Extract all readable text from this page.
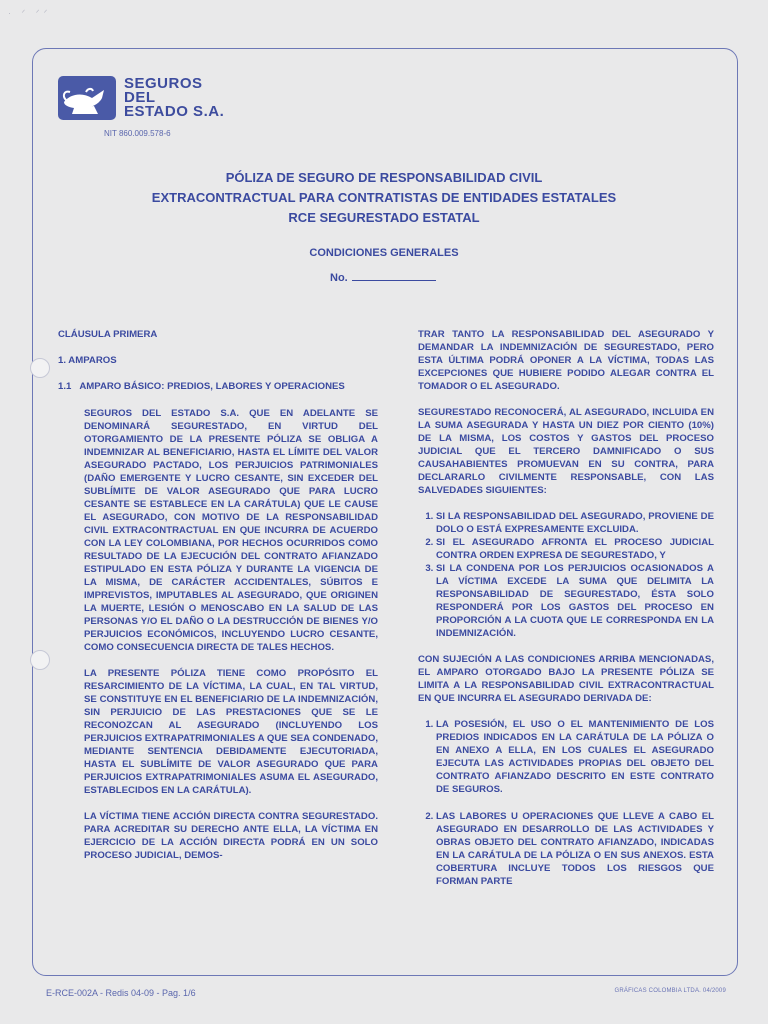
· ᐟ ᐟᐟ
SEGUROS
DEL
ESTADO S.A.
NIT 860.009.578-6
PÓLIZA DE SEGURO DE RESPONSABILIDAD CIVIL
EXTRACONTRACTUAL PARA CONTRATISTAS DE ENTIDADES ESTATALES
RCE SEGURESTADO ESTATAL
CONDICIONES GENERALES
No.
CLÁUSULA PRIMERA
1. AMPAROS
1.1 AMPARO BÁSICO: PREDIOS, LABORES Y OPERACIONES

SEGUROS DEL ESTADO S.A. QUE EN ADELANTE SE DENOMINARÁ SEGURESTADO, EN VIRTUD DEL OTORGAMIENTO DE LA PRESENTE PÓLIZA SE OBLIGA A INDEMNIZAR AL BENEFICIARIO, HASTA EL LÍMITE DEL VALOR ASEGURADO PACTADO, LOS PERJUICIOS PATRIMONIALES (DAÑO EMERGENTE Y LUCRO CESANTE, SIN EXCEDER DEL SUBLÍMITE DE VALOR ASEGURADO QUE PARA LUCRO CESANTE SE ESTABLECE EN LA CARÁTULA) QUE LE CAUSE EL ASEGURADO, CON MOTIVO DE LA RESPONSABILIDAD CIVIL EXTRACONTRACTUAL EN QUE INCURRA DE ACUERDO CON LA LEY COLOMBIANA, POR HECHOS OCURRIDOS COMO RESULTADO DE LA EJECUCIÓN DEL CONTRATO AFIANZADO ESTIPULADO EN ESTA PÓLIZA Y DURANTE LA VIGENCIA DE LA MISMA, DE CARÁCTER ACCIDENTALES, SÚBITOS E IMPREVISTOS, IMPUTABLES AL ASEGURADO, QUE ORIGINEN LA MUERTE, LESIÓN O MENOSCABO EN LA SALUD DE LAS PERSONAS Y/O EL DAÑO O LA DESTRUCCIÓN DE BIENES Y/O PERJUICIOS ECONÓMICOS, INCLUYENDO LUCRO CESANTE, COMO CONSECUENCIA DIRECTA DE TALES HECHOS.

LA PRESENTE PÓLIZA TIENE COMO PROPÓSITO EL RESARCIMIENTO DE LA VÍCTIMA, LA CUAL, EN TAL VIRTUD, SE CONSTITUYE EN EL BENEFICIARIO DE LA INDEMNIZACIÓN, SIN PERJUICIO DE LAS PRESTACIONES QUE SE LE RECONOZCAN AL ASEGURADO (INCLUYENDO LOS PERJUICIOS EXTRAPATRIMONIALES A QUE SEA CONDENADO, MEDIANTE SENTENCIA DEBIDAMENTE EJECUTORIADA, HASTA EL SUBLÍMITE DE VALOR ASEGURADO QUE PARA PERJUICIOS EXTRAPATRIMONIALES ASUMA EL ASEGURADO, ESTABLECIDOS EN LA CARÁTULA).

LA VÍCTIMA TIENE ACCIÓN DIRECTA CONTRA SEGURESTADO. PARA ACREDITAR SU DERECHO ANTE ELLA, LA VÍCTIMA EN EJERCICIO DE LA ACCIÓN DIRECTA PODRÁ EN UN SOLO PROCESO JUDICIAL, DEMOS-

TRAR TANTO LA RESPONSABILIDAD DEL ASEGURADO Y DEMANDAR LA INDEMNIZACIÓN DE SEGURESTADO, PERO ESTA ÚLTIMA PODRÁ OPONER A LA VÍCTIMA, TODAS LAS EXCEPCIONES QUE HUBIERE PODIDO ALEGAR CONTRA EL TOMADOR O EL ASEGURADO.

SEGURESTADO RECONOCERÁ, AL ASEGURADO, INCLUIDA EN LA SUMA ASEGURADA Y HASTA UN DIEZ POR CIENTO (10%) DE LA MISMA, LOS COSTOS Y GASTOS DEL PROCESO JUDICIAL QUE EL TERCERO DAMNIFICADO O SUS CAUSAHABIENTES PROMUEVAN EN SU CONTRA, PARA DECLARARLO CIVILMENTE RESPONSABLE, CON LAS SALVEDADES SIGUIENTES:

1. SI LA RESPONSABILIDAD DEL ASEGURADO, PROVIENE DE DOLO O ESTÁ EXPRESAMENTE EXCLUIDA.
2. SI EL ASEGURADO AFRONTA EL PROCESO JUDICIAL CONTRA ORDEN EXPRESA DE SEGURESTADO, Y
3. SI LA CONDENA POR LOS PERJUICIOS OCASIONADOS A LA VÍCTIMA EXCEDE LA SUMA QUE DELIMITA LA RESPONSABILIDAD DE SEGURESTADO, ÉSTA SOLO RESPONDERÁ POR LOS GASTOS DEL PROCESO EN PROPORCIÓN A LA CUOTA QUE LE CORRESPONDA EN LA INDEMNIZACIÓN.

CON SUJECIÓN A LAS CONDICIONES ARRIBA MENCIONADAS, EL AMPARO OTORGADO BAJO LA PRESENTE PÓLIZA SE LIMITA A LA RESPONSABILIDAD CIVIL EXTRACONTRACTUAL EN QUE INCURRA EL ASEGURADO DERIVADA DE:

1. LA POSESIÓN, EL USO O EL MANTENIMIENTO DE LOS PREDIOS INDICADOS EN LA CARÁTULA DE LA PÓLIZA O EN ANEXO A ELLA, EN LOS CUALES EL ASEGURADO EJECUTA LAS ACTIVIDADES PROPIAS DEL OBJETO DEL CONTRATO AFIANZADO DESCRITO EN ESTE CONTRATO DE SEGUROS.
2. LAS LABORES U OPERACIONES QUE LLEVE A CABO EL ASEGURADO EN DESARROLLO DE LAS ACTIVIDADES Y OBRAS OBJETO DEL CONTRATO AFIANZADO, INDICADAS EN LA CARÁTULA DE LA PÓLIZA O EN SUS ANEXOS. ESTA COBERTURA INCLUYE TODOS LOS RIESGOS QUE FORMAN PARTE
E-RCE-002A - Redis 04-09 - Pag. 1/6	GRÁFICAS COLOMBIA LTDA. 04/2009
